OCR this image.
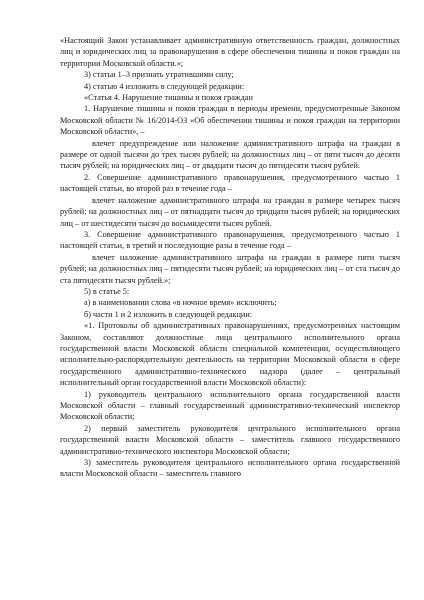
«Настоящий Закон устанавливает административную ответственность граждан, должностных лиц и юридических лиц за правонарушения в сфере обеспечения тишины и покоя граждан на территории Московской области.»;

3) статьи 1–3 признать утратившими силу;

4) статью 4 изложить в следующей редакции:

«Статья 4. Нарушение тишины и покоя граждан

1. Нарушение тишины и покоя граждан в периоды времени, предусмотренные Законом Московской области № 16/2014-ОЗ «Об обеспечении тишины и покоя граждан на территории Московской области», –

влечет предупреждение или наложение административного штрафа на граждан в размере от одной тысячи до трех тысяч рублей; на должностных лиц – от пяти тысяч до десяти тысяч рублей; на юридических лиц – от двадцати тысяч до пятидесяти тысяч рублей.

2. Совершение административного правонарушения, предусмотренного частью 1 настоящей статьи, во второй раз в течение года –

влечет наложение административного штрафа на граждан в размере четырех тысяч рублей; на должностных лиц – от пятнадцати тысяч до тридцати тысяч рублей; на юридических лиц – от шестидесяти тысяч до восьмидесяти тысяч рублей.

3. Совершение административного правонарушения, предусмотренного частью 1 настоящей статьи, в третий и последующие разы в течение года –

влечет наложение административного штрафа на граждан в размере пяти тысяч рублей; на должностных лиц – пятидесяти тысяч рублей; на юридических лиц – от ста тысяч до ста пятидесяти тысяч рублей.»;

5) в статье 5:

а) в наименовании слова «в ночное время» исключить;

б) части 1 и 2 изложить в следующей редакции:

«1. Протоколы об административных правонарушениях, предусмотренных настоящим Законом, составляют должностные лица центрального исполнительного органа государственной власти Московской области специальной компетенции, осуществляющего исполнительно-распорядительную деятельность на территории Московской области в сфере государственного административно-технического надзора (далее – центральный исполнительный орган государственной власти Московской области):

1) руководитель центрального исполнительного органа государственной власти Московской области – главный государственный административно-технический инспектор Московской области;

2) первый заместитель руководителя центрального исполнительного органа государственной власти Московской области – заместитель главного государственного административно-технического инспектора Московской области;

3) заместитель руководителя центрального исполнительного органа государственной власти Московской области – заместитель главного
